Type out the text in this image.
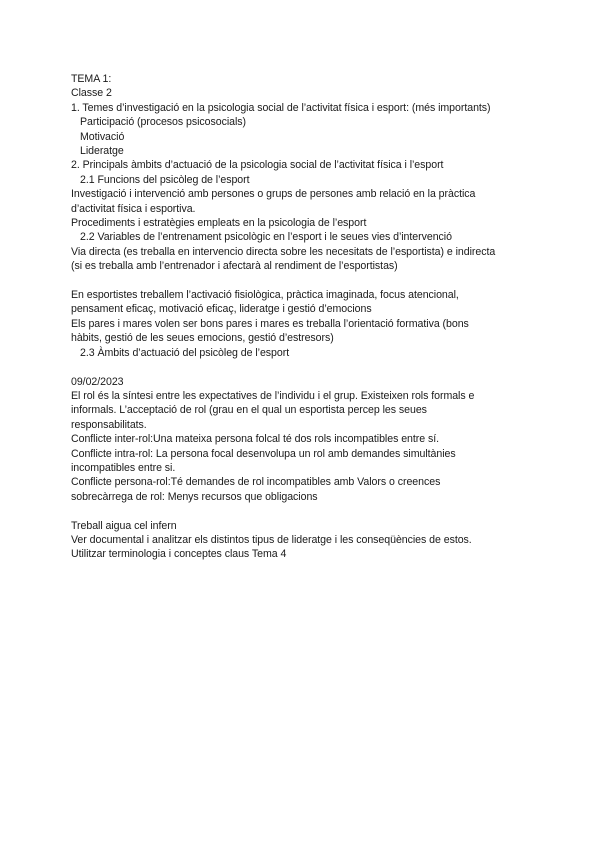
TEMA 1:
Classe 2
1. Temes d’investigació en la psicologia social de l’activitat física i esport: (més importants)
Participació (procesos psicosocials)
Motivació
Lideratge
2. Principals àmbits d’actuació de la psicologia social de l’activitat física i l’esport
2.1 Funcions del psicòleg de l’esport
Investigació i intervenció amb persones o grups de persones amb relació en la pràctica
d’activitat física i esportiva.
Procediments i estratègies empleats en la psicologia de l’esport
2.2 Variables de l’entrenament psicològic en l’esport i le seues vies d’intervenció
Via directa (es treballa en intervencio directa sobre les necesitats de l’esportista) e indirecta
(si es treballa amb l’entrenador i afectarà al rendiment de l’esportistas)
En esportistes treballem l’activació fisiològica, pràctica imaginada, focus atencional,
pensament eficaç, motivació eficaç, lideratge i gestió d’emocions
Els pares i mares volen ser bons pares i mares es treballa l’orientació formativa (bons
hàbits, gestió de les seues emocions, gestió d’estresors)
2.3 Àmbits d’actuació del psicòleg de l’esport
09/02/2023
El rol és la síntesi entre les expectatives de l’individu i el grup. Existeixen rols formals e
informals. L’acceptació de rol (grau en el qual un esportista percep les seues
responsabilitats.
Conflicte inter-rol:Una mateixa persona folcal té dos rols incompatibles entre sí.
Conflicte intra-rol: La persona focal desenvolupa un rol amb demandes simultànies
incompatibles entre si.
Conflicte persona-rol:Té demandes de rol incompatibles amb Valors o creences
sobrecàrrega de rol: Menys recursos que obligacions
Treball aigua cel infern
Ver documental i analitzar els distintos tipus de lideratge i les conseqüències de estos.
Utilitzar terminologia i conceptes claus Tema 4
